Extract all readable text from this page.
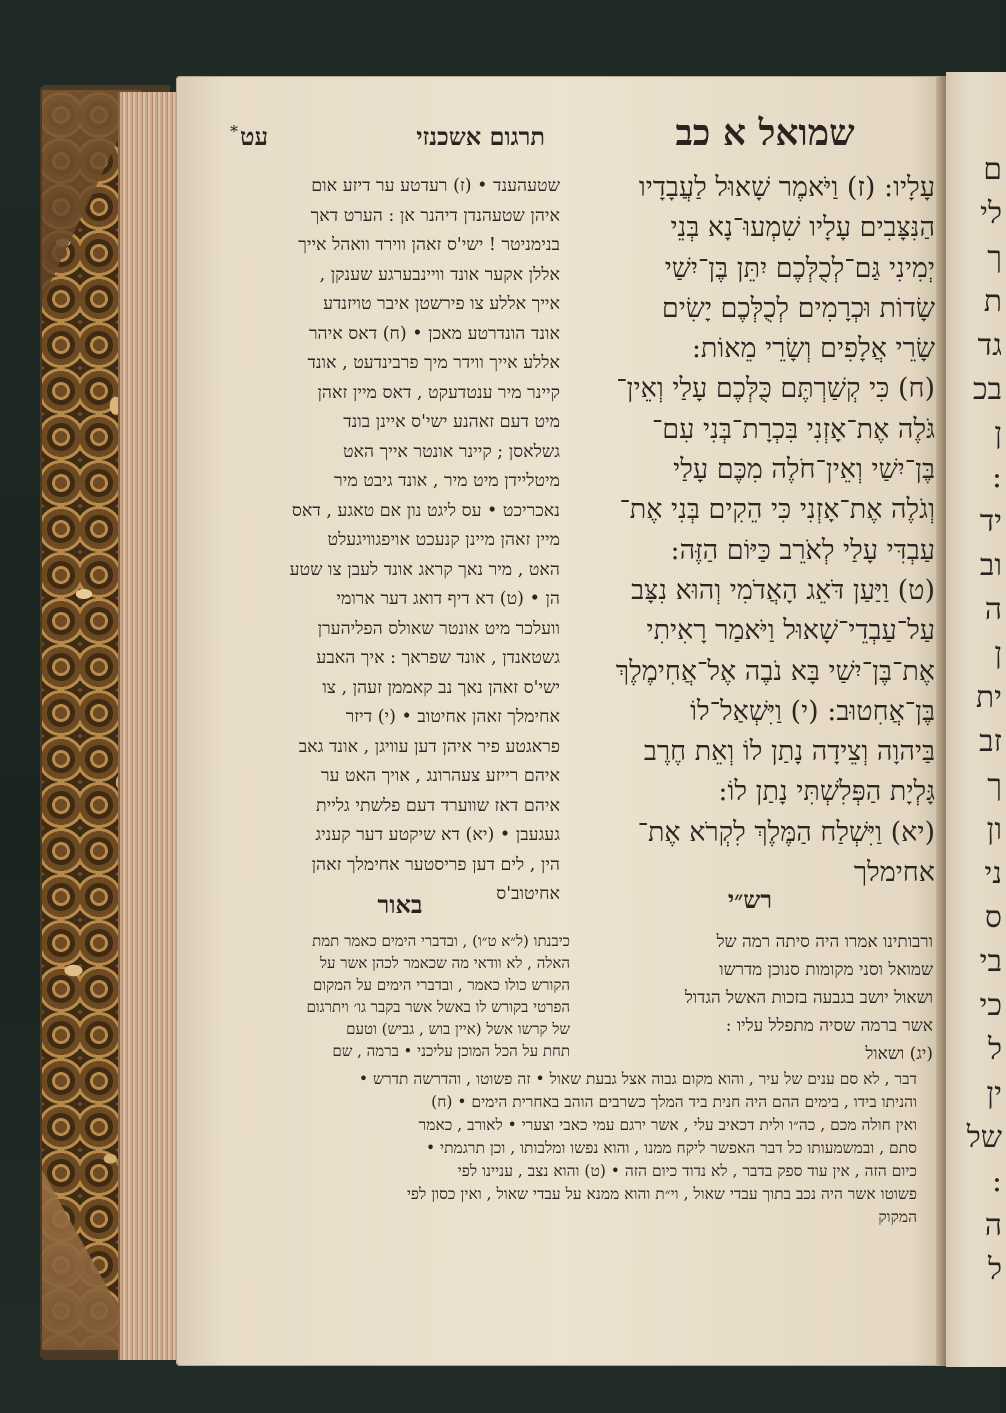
ם
לי
ך
ת
גד
בכ
ן
:
יד
וב
ה
ן
ית
זב
ך
ון
ני
ס
בי
כי
ל
ין
של
:
ה
ל
*	תרגום אשכנזי
עט	שמואל א כב
עָלָיו: (ז) וַיֹּאמֶר שָׁאוּל לַעֲבָדָיו
הַנִּצָּבִים עָלָיו שִׁמְעוּ־נָא בְּנֵי
יְמִינִי גַּם־לְכֻלְּכֶם יִתֵּן בֶּן־יִשַׁי
שָׂדוֹת וּכְרָמִים לְכֻלְּכֶם יָשִׂים
שָׂרֵי אֲלָפִים וְשָׂרֵי מֵאוֹת:
(ח) כִּי קְשַׁרְתֶּם כֻּלְּכֶם עָלַי וְאֵין־
גֹּלֶה אֶת־אָזְנִי בִּכְרָת־בְּנִי עִם־
בֶּן־יִשַׁי וְאֵין־חֹלֶה מִכֶּם עָלַי
וְגֹלֶה אֶת־אָזְנִי כִּי הֵקִים בְּנִי אֶת־
עַבְדִּי עָלַי לְאֹרֵב כַּיּוֹם הַזֶּה:
(ט) וַיַּעַן דֹּאֵג הָאֲדֹמִי וְהוּא נִצָּב
עַל־עַבְדֵי־שָׁאוּל וַיֹּאמַר רָאִיתִי
אֶת־בֶּן־יִשַׁי בָּא נֹבֶה אֶל־אֲחִימֶלֶךְ
בֶּן־אֲחִטוּב: (י) וַיִּשְׁאַל־לוֹ
בַּיהוָה וְצֵידָה נָתַן לוֹ וְאֵת חֶרֶב
גָּלְיָת הַפְּלִשְׁתִּי נָתַן לוֹ:
(יא) וַיִּשְׁלַח הַמֶּלֶךְ לִקְרֹא אֶת־
אחימלך
שטעהענד • (ז) רעדטע ער דיזע אום
איהן שטעהנדן דיהנר אן : הערט דאך
בנימניטר ! ישי'ס זאהן ווירד וואהל אייך
אללן אקער אונד וויינבערגע שענקן ,
אייך אללע צו פירשטן איבר טויזנדע
אונד הונדרטע מאכן • (ח) דאס איהר
אללע אייך ווידר מיך פרבינדעט , אונד
קיינר מיר ענטדעקט , דאס מיין זאהן
מיט דעם זאהנע ישי'ס איינן בונד
גשלאסן ; קיינר אונטר אייך האט
מיטליידן מיט מיר , אונד גיבט מיר
נאכריכט • עס ליגט נון אם טאגע , דאס
מיין זאהן מיינן קנעכט אויפגוויגעלט
האט , מיר נאך קראג אונד לעבן צו שטע
הן • (ט) דא דיף דואג דער ארומי
וועלכר מיט אונטר שאולס הפליהערן
גשטאנדן , אונד שפראך : איך האבע
ישי'ס זאהן נאך נב קאממן זעהן , צו
אחימלך זאהן אחיטוב • (י) דיזר
פראגטע פיר איהן דען עוויגן , אונד גאב
איהם רייזע צעהרונג , אויך האט ער
איהם דאז שווערד דעם פלשתי גליית
געגעבן • (יא) דא שיקטע דער קעניג
הין , לים דען פריסטער אחימלך זאהן
אחיטוב'ס
באור	רש״י
כיבנתו (ל״א ט״ו) , ובדברי הימים כאמר תמת
האלה , לא וודאי מה שכאמר לכהן אשר על
הקורש כולו כאמר , ובדברי הימים על המקום
הפרטי בקורש לו באשל אשר בקבר גו׳ ויתרגום
של קרשו אשל (איין בוש , גביש) וטעם
תחת על הכל המוכן עליכני • ברמה , שם
ורבותינו אמרו היה סיתה רמה של
שמואל וסני מקומות סנוכן מדרשו
ושאול יושב בגבעה בזכות האשל הגדול
אשר ברמה שסיה מתפלל עליו :
(יג) ושאול
דבר , לא סם ענים של עיר , והוא מקום גבוה אצל גבעת שאול • זה פשוטו , והדרשה תדרש •
והניתו בידו , בימים ההם היה חנית ביד המלך כשרבים הוהב באחרית הימים • (ח)
ואין חולה מכם , כה״ו ולית דכאיב עלי , אשר ירגם עמי כאבי וצערי • לאורב , כאמר
סתם , ובמשמעותו כל דבר האפשר ליקח ממנו , והוא נפשו ומלבותו , וכן תרגמתי •
כיום הזה , אין עוד ספק בדבר , לא נדוד כיום הזה • (ט) והוא נצב , עניינו לפי
פשוטו אשר היה נכב בתוך עבדי שאול , וי״ת והוא ממנא על עבדי שאול , ואין כסון לפי
המקוק
